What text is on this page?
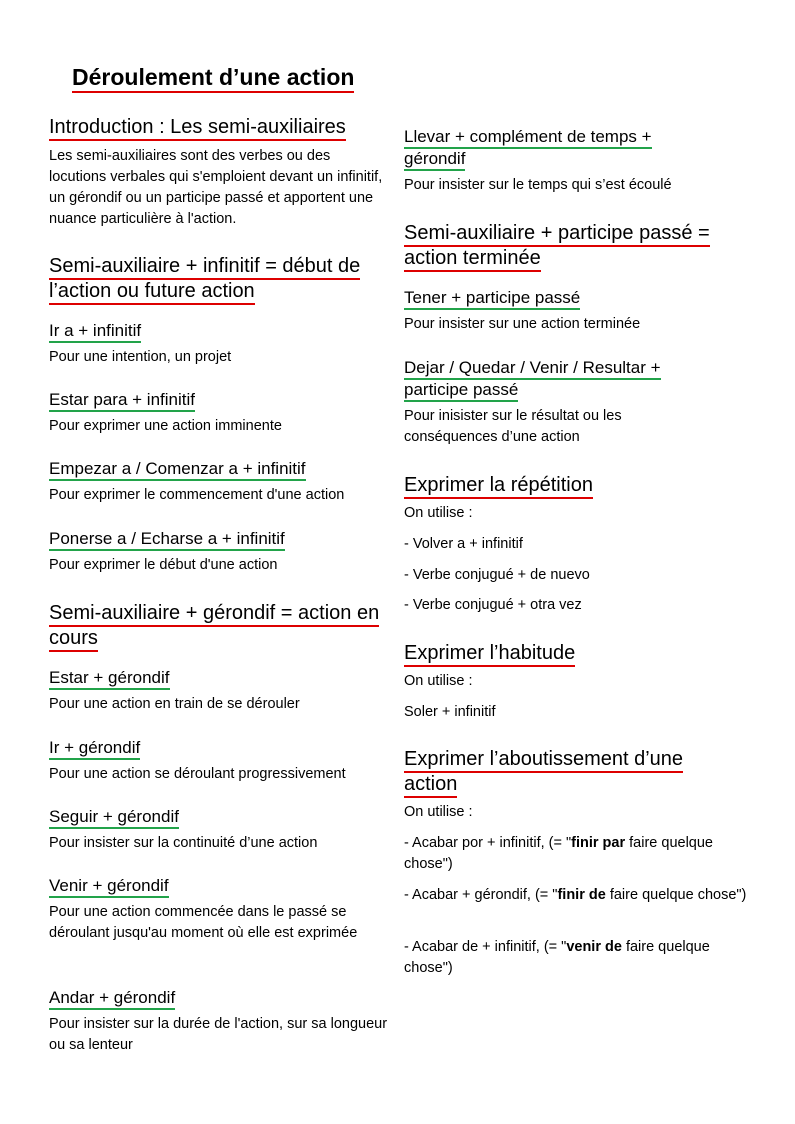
Déroulement d’une action
Introduction : Les semi-auxiliaires
Les semi-auxiliaires sont des verbes ou des locutions verbales qui s'emploient devant un infinitif, un gérondif ou un participe passé et apportent une nuance particulière à l'action.
Semi-auxiliaire + infinitif = début de l’action ou future action
Ir a + infinitif
Pour une intention, un projet
Estar para + infinitif
Pour exprimer une action imminente
Empezar a / Comenzar a + infinitif
Pour exprimer le commencement d'une action
Ponerse a / Echarse a + infinitif
Pour exprimer le début d'une action
Semi-auxiliaire + gérondif = action en cours
Estar + gérondif
Pour une action en train de se dérouler
Ir + gérondif
Pour une action se déroulant progressivement
Seguir + gérondif
Pour insister sur la continuité d’une action
Venir + gérondif
Pour une action commencée dans le passé se déroulant jusqu'au moment où elle est exprimée
Andar + gérondif
Pour insister sur la durée de l'action, sur sa longueur ou sa lenteur
Llevar + complément de temps + gérondif
Pour insister sur le temps qui s’est écoulé
Semi-auxiliaire + participe passé = action terminée
Tener + participe passé
Pour insister sur une action terminée
Dejar / Quedar / Venir / Resultar + participe passé
Pour inisister sur le résultat ou les conséquences d’une action
Exprimer la répétition
On utilise :
- Volver a + infinitif
- Verbe conjugué + de nuevo
- Verbe conjugué + otra vez
Exprimer l’habitude
On utilise :
Soler + infinitif
Exprimer l’aboutissement d’une action
On utilise :
- Acabar por + infinitif, (= "finir par faire quelque chose")
- Acabar + gérondif, (= "finir de faire quelque chose")
- Acabar de + infinitif, (= "venir de faire quelque chose")
